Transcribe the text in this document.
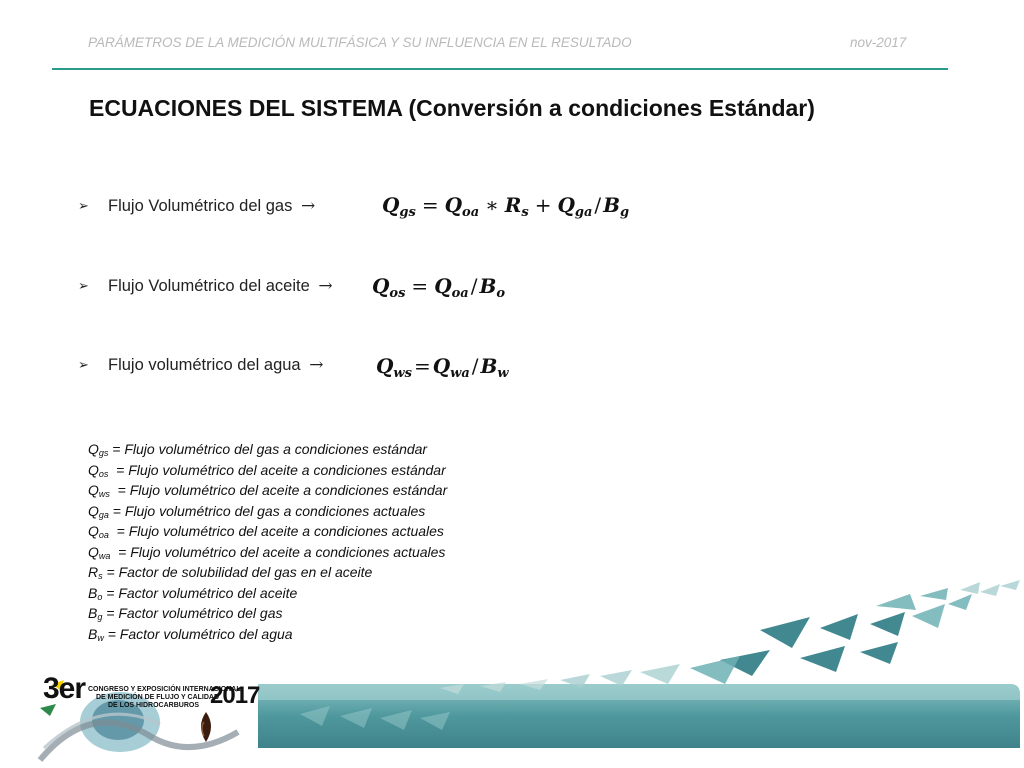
PARÁMETROS DE LA MEDICIÓN MULTIFÁSICA Y SU INFLUENCIA EN EL RESULTADO	nov-2017
ECUACIONES DEL SISTEMA (Conversión a condiciones Estándar)
➢ Flujo Volumétrico del gas →	$Q_{gs} = Q_{oa}$ ∗ $R_s + Q_{ga} / B_g$
➢ Flujo Volumétrico del aceite → $Q_{os} = Q_{oa} / B_o$
➢ Flujo volumétrico del agua →	$Q_{ws} = Q_{wa} / B_w$
$Q_{gs}$ = Flujo volumétrico del gas a condiciones estándar
$Q_{os}$  = Flujo volumétrico del aceite a condiciones estándar
$Q_{ws}$  = Flujo volumétrico del aceite a condiciones estándar
$Q_{ga}$ = Flujo volumétrico del gas a condiciones actuales
$Q_{oa}$  = Flujo volumétrico del aceite a condiciones actuales
$Q_{wa}$  = Flujo volumétrico del aceite a condiciones actuales
$R_s$ = Factor de solubilidad del gas en el aceite
$B_o$ = Factor volumétrico del aceite
$B_g$ = Factor volumétrico del gas
$B_w$ = Factor volumétrico del agua
3er	2017
CONGRESO Y EXPOSICIÓN INTERNACIONAL
DE MEDICIÓN DE FLUJO Y CALIDAD
DE LOS HIDROCARBUROS
